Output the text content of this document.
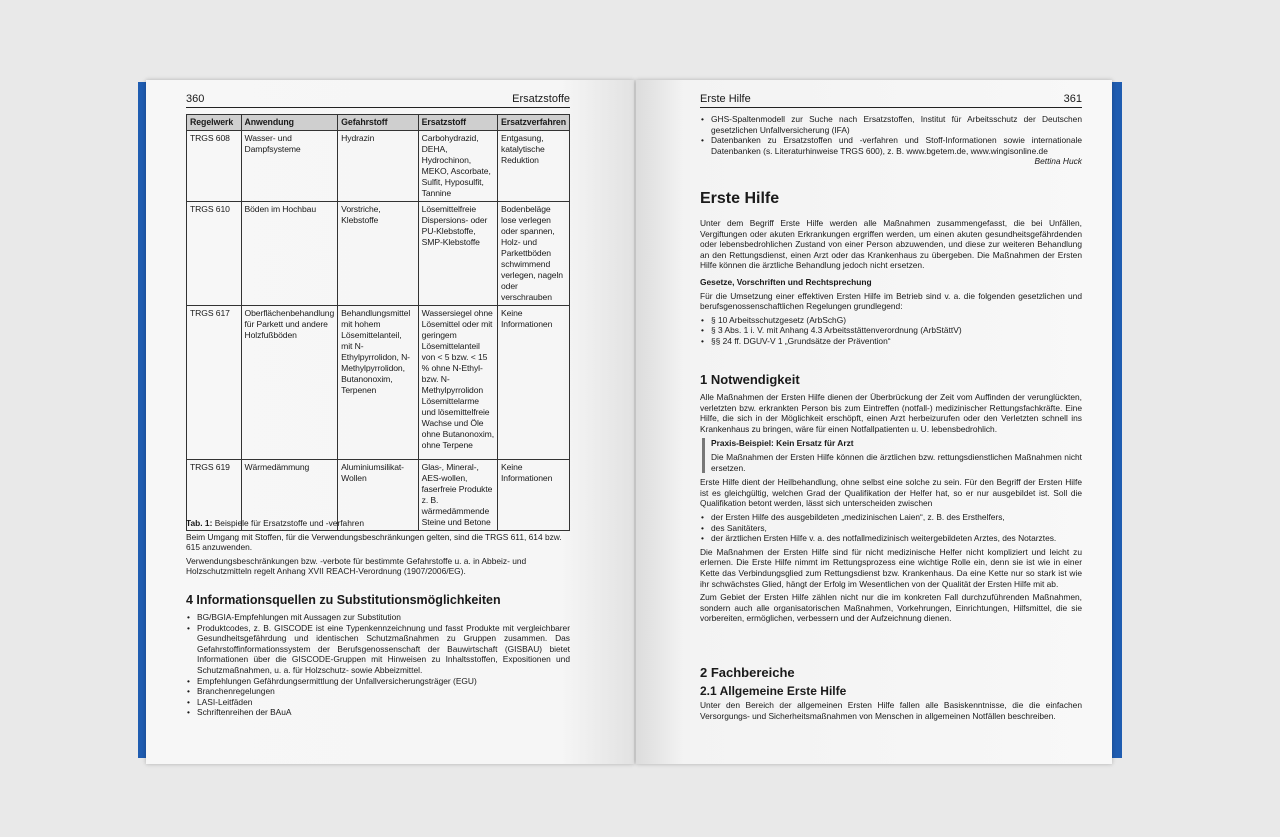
360	Ersatzstoffe
Regelwerk	Anwendung	Gefahrstoff	Ersatzstoff	Ersatzverfahren
TRGS 608	Wasser- und Dampfsysteme	Hydrazin	Carbohydrazid, DEHA, Hydrochinon, MEKO, Ascorbate, Sulfit, Hyposulfit, Tannine	Entgasung, katalytische Reduktion
TRGS 610	Böden im Hochbau	Vorstriche, Klebstoffe	Lösemittelfreie Dispersions- oder PU-Klebstoffe, SMP-Klebstoffe	Bodenbeläge lose verlegen oder spannen, Holz- und Parkettböden schwimmend verlegen, nageln oder verschrauben
TRGS 617	Oberflächenbehandlung für Parkett und andere Holzfußböden	Behandlungsmittel mit hohem Lösemittelanteil, mit N-Ethylpyrrolidon, N-Methylpyrrolidon, Butanonoxim, Terpenen	Wassersiegel ohne Lösemittel oder mit geringem Lösemittelanteil von < 5 bzw. < 15 % ohne N-Ethyl- bzw. N-Methylpyrrolidon Lösemittelarme und lösemittelfreie Wachse und Öle ohne Butanonoxim, ohne Terpene	Keine Informationen
TRGS 619	Wärmedämmung	Aluminiumsilikat-Wollen	Glas-, Mineral-, AES-wollen, faserfreie Produkte z. B. wärmedämmende Steine und Betone	Keine Informationen

Tab. 1: Beispiele für Ersatzstoffe und -verfahren

Beim Umgang mit Stoffen, für die Verwendungsbeschränkungen gelten, sind die TRGS 611, 614 bzw. 615 anzuwenden.

Verwendungsbeschränkungen bzw. -verbote für bestimmte Gefahrstoffe u. a. in Abbeiz- und Holzschutzmitteln regelt Anhang XVII REACH-Verordnung (1907/2006/EG).

4 Informationsquellen zu Substitutionsmöglichkeiten
• BG/BGIA-Empfehlungen mit Aussagen zur Substitution
• Produktcodes, z. B. GISCODE ist eine Typenkennzeichnung und fasst Produkte mit vergleichbarer Gesundheitsgefährdung und identischen Schutzmaßnahmen zu Gruppen zusammen. Das Gefahrstoffinformationssystem der Berufsgenossenschaft der Bauwirtschaft (GISBAU) bietet Informationen über die GISCODE-Gruppen mit Hinweisen zu Inhaltsstoffen, Expositionen und Schutzmaßnahmen, u. a. für Holzschutz- sowie Abbeizmittel.
• Empfehlungen Gefährdungsermittlung der Unfallversicherungsträger (EGU)
• Branchenregelungen
• LASI-Leitfäden
• Schriftenreihen der BAuA
Erste Hilfe	361
• GHS-Spaltenmodell zur Suche nach Ersatzstoffen, Institut für Arbeitsschutz der Deutschen gesetzlichen Unfallversicherung (IFA)
• Datenbanken zu Ersatzstoffen und -verfahren und Stoff-Informationen sowie internationale Datenbanken (s. Literaturhinweise TRGS 600), z. B. www.bgetem.de, www.wingisonline.de

Bettina Huck

Erste Hilfe

Unter dem Begriff Erste Hilfe werden alle Maßnahmen zusammengefasst, die bei Unfällen, Vergiftungen oder akuten Erkrankungen ergriffen werden, um einen akuten gesundheitsgefährdenden oder lebensbedrohlichen Zustand von einer Person abzuwenden, und diese zur weiteren Behandlung an den Rettungsdienst, einen Arzt oder das Krankenhaus zu übergeben. Die Maßnahmen der Ersten Hilfe können die ärztliche Behandlung jedoch nicht ersetzen.

Gesetze, Vorschriften und Rechtsprechung

Für die Umsetzung einer effektiven Ersten Hilfe im Betrieb sind v. a. die folgenden gesetzlichen und berufsgenossenschaftlichen Regelungen grundlegend:

• § 10 Arbeitsschutzgesetz (ArbSchG)
• § 3 Abs. 1 i. V. mit Anhang 4.3 Arbeitsstättenverordnung (ArbStättV)
• §§ 24 ff. DGUV-V 1 „Grundsätze der Prävention“
1 Notwendigkeit

Alle Maßnahmen der Ersten Hilfe dienen der Überbrückung der Zeit vom Auffinden der verunglückten, verletzten bzw. erkrankten Person bis zum Eintreffen (notfall-) medizinischer Rettungsfachkräfte. Eine Hilfe, die sich in der Möglichkeit erschöpft, einen Arzt herbeizurufen oder den Verletzten schnell ins Krankenhaus zu bringen, wäre für einen Notfallpatienten u. U. lebensbedrohlich.

Praxis-Beispiel: Kein Ersatz für Arzt

Die Maßnahmen der Ersten Hilfe können die ärztlichen bzw. rettungsdienstlichen Maßnahmen nicht ersetzen.

Erste Hilfe dient der Heilbehandlung, ohne selbst eine solche zu sein. Für den Begriff der Ersten Hilfe ist es gleichgültig, welchen Grad der Qualifikation der Helfer hat, so er nur ausgebildet ist. Soll die Qualifikation betont werden, lässt sich unterscheiden zwischen

• der Ersten Hilfe des ausgebildeten „medizinischen Laien“, z. B. des Ersthelfers,
• des Sanitäters,
• der ärztlichen Ersten Hilfe v. a. des notfallmedizinisch weitergebildeten Arztes, des Notarztes.

Die Maßnahmen der Ersten Hilfe sind für nicht medizinische Helfer nicht kompliziert und leicht zu erlernen. Die Erste Hilfe nimmt im Rettungsprozess eine wichtige Rolle ein, denn sie ist wie in einer Kette das Verbindungsglied zum Rettungsdienst bzw. Krankenhaus. Da eine Kette nur so stark ist wie ihr schwächstes Glied, hängt der Erfolg im Wesentlichen von der Qualität der Ersten Hilfe mit ab.

Zum Gebiet der Ersten Hilfe zählen nicht nur die im konkreten Fall durchzuführenden Maßnahmen, sondern auch alle organisatorischen Maßnahmen, Vorkehrungen, Einrichtungen, Hilfsmittel, die sie vorbereiten, ermöglichen, verbessern und der Aufzeichnung dienen.

2 Fachbereiche
2.1 Allgemeine Erste Hilfe

Unter den Bereich der allgemeinen Ersten Hilfe fallen alle Basiskenntnisse, die die einfachen Versorgungs- und Sicherheitsmaßnahmen von Menschen in allgemeinen Notfällen beschreiben.
